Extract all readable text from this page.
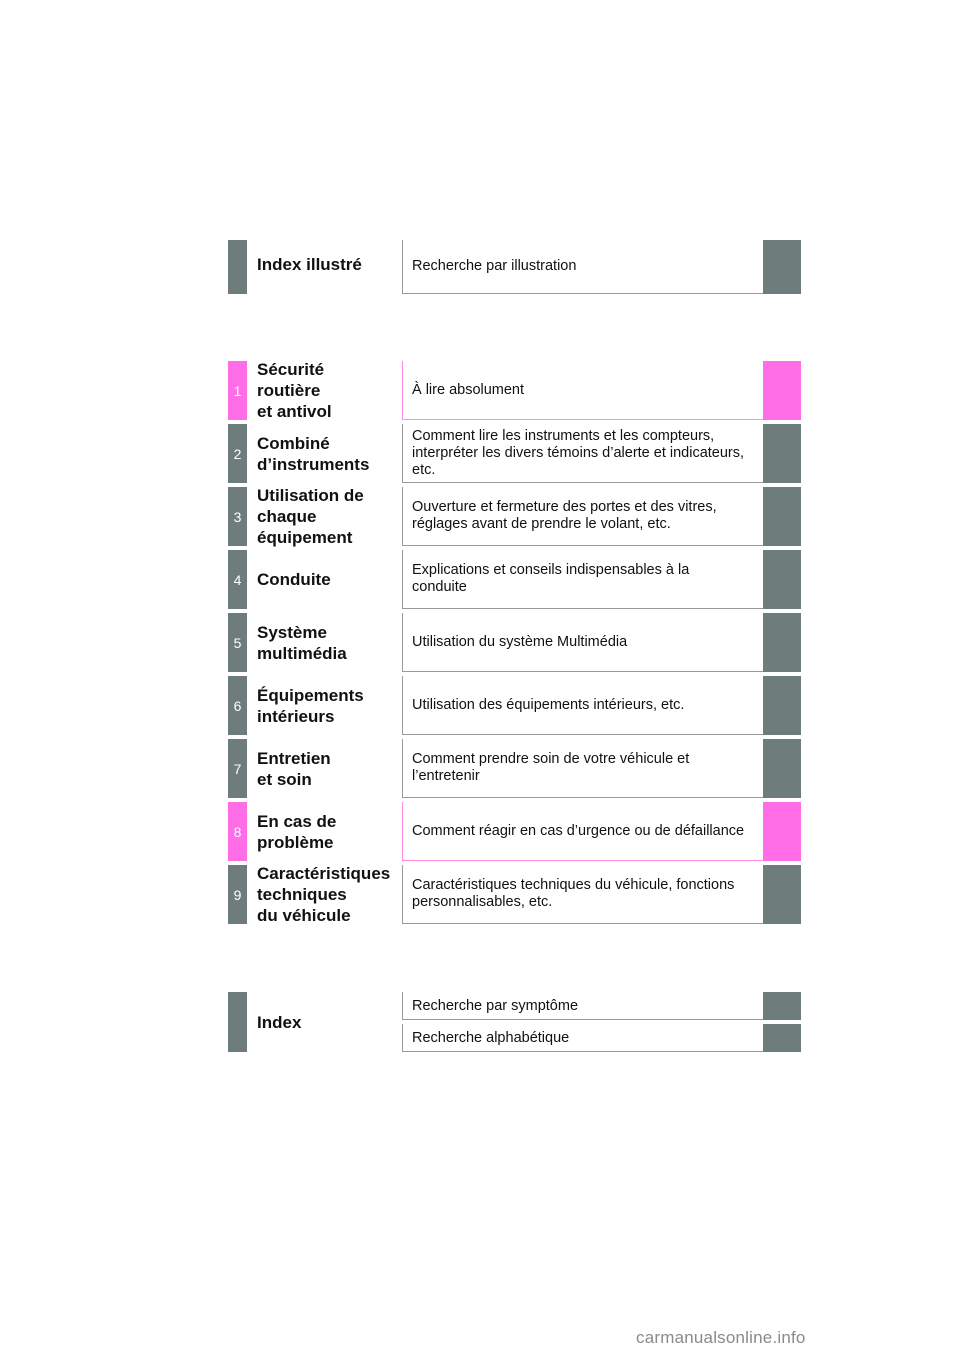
Index illustré	Recherche par illustration
1
Sécurité
routière
et antivol
À lire absolument
2
Combiné
d’instruments
Comment lire les instruments et les compteurs,
interpréter les divers témoins d’alerte et indicateurs,
etc.
3
Utilisation de
chaque
équipement
Ouverture et fermeture des portes et des vitres,
réglages avant de prendre le volant, etc.
4 Conduite	Explications et conseils indispensables à la
conduite
5
Système
multimédia
Utilisation du système Multimédia
6
Équipements
intérieurs
Utilisation des équipements intérieurs, etc.
7
Entretien
et soin
Comment prendre soin de votre véhicule et
l’entretenir
8
En cas de
problème
Comment réagir en cas d’urgence ou de défaillance
9
Caractéristiques
techniques
du véhicule
Caractéristiques techniques du véhicule, fonctions
personnalisables, etc.
Index
Recherche par symptôme
Recherche alphabétique
carmanualsonline.info
